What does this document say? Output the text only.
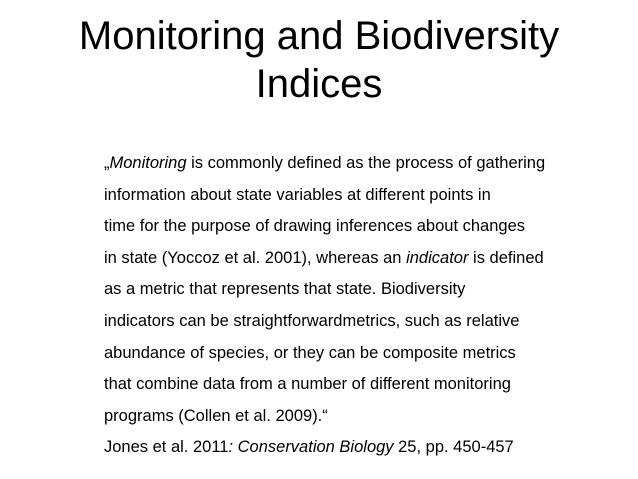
Monitoring and Biodiversity
Indices
„Monitoring is commonly defined as the process of gathering
information about state variables at different points in
time for the purpose of drawing inferences about changes
in state (Yoccoz et al. 2001), whereas an indicator is defined
as a metric that represents that state. Biodiversity
indicators can be straightforwardmetrics, such as relative
abundance of species, or they can be composite metrics
that combine data from a number of different monitoring
programs (Collen et al. 2009).“
Jones et al. 2011: Conservation Biology 25, pp. 450-457
